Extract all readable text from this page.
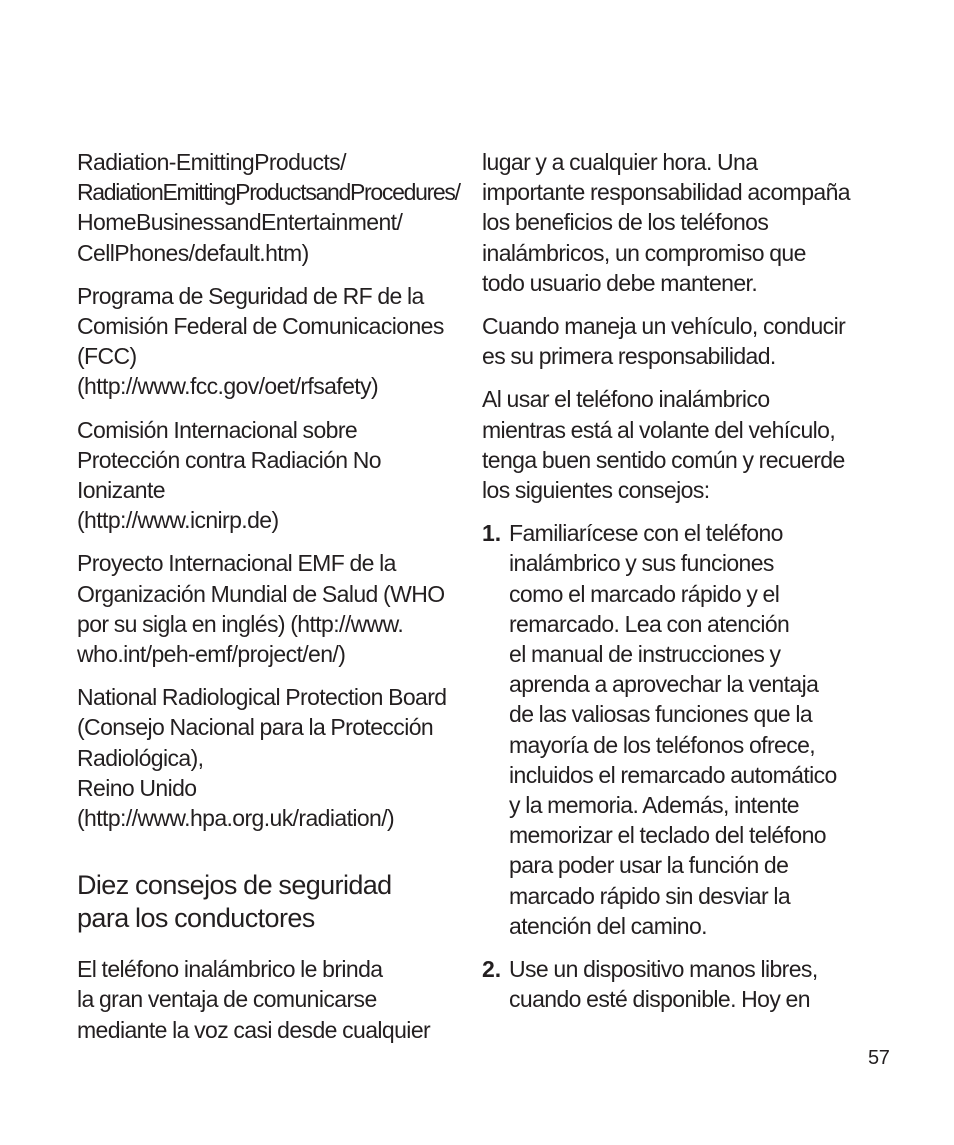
Radiation-EmittingProducts/
RadiationEmittingProductsandProcedures/
HomeBusinessandEntertainment/
CellPhones/default.htm)
Programa de Seguridad de RF de la
Comisión Federal de Comunicaciones
(FCC)
(http://www.fcc.gov/oet/rfsafety)
Comisión Internacional sobre
Protección contra Radiación No
Ionizante
(http://www.icnirp.de)
Proyecto Internacional EMF de la
Organización Mundial de Salud (WHO
por su sigla en inglés) (http://www.
who.int/peh-emf/project/en/)
National Radiological Protection Board
(Consejo Nacional para la Protección
Radiológica),
Reino Unido
(http://www.hpa.org.uk/radiation/)
Diez consejos de seguridad
para los conductores
El teléfono inalámbrico le brinda
la gran ventaja de comunicarse
mediante la voz casi desde cualquier
lugar y a cualquier hora. Una
importante responsabilidad acompaña
los beneficios de los teléfonos
inalámbricos, un compromiso que
todo usuario debe mantener.
Cuando maneja un vehículo, conducir
es su primera responsabilidad.
Al usar el teléfono inalámbrico
mientras está al volante del vehículo,
tenga buen sentido común y recuerde
los siguientes consejos:
1. Familiarícese con el teléfono
inalámbrico y sus funciones
como el marcado rápido y el
remarcado. Lea con atención
el manual de instrucciones y
aprenda a aprovechar la ventaja
de las valiosas funciones que la
mayoría de los teléfonos ofrece,
incluidos el remarcado automático
y la memoria. Además, intente
memorizar el teclado del teléfono
para poder usar la función de
marcado rápido sin desviar la
atención del camino.
2. Use un dispositivo manos libres,
cuando esté disponible. Hoy en
57
